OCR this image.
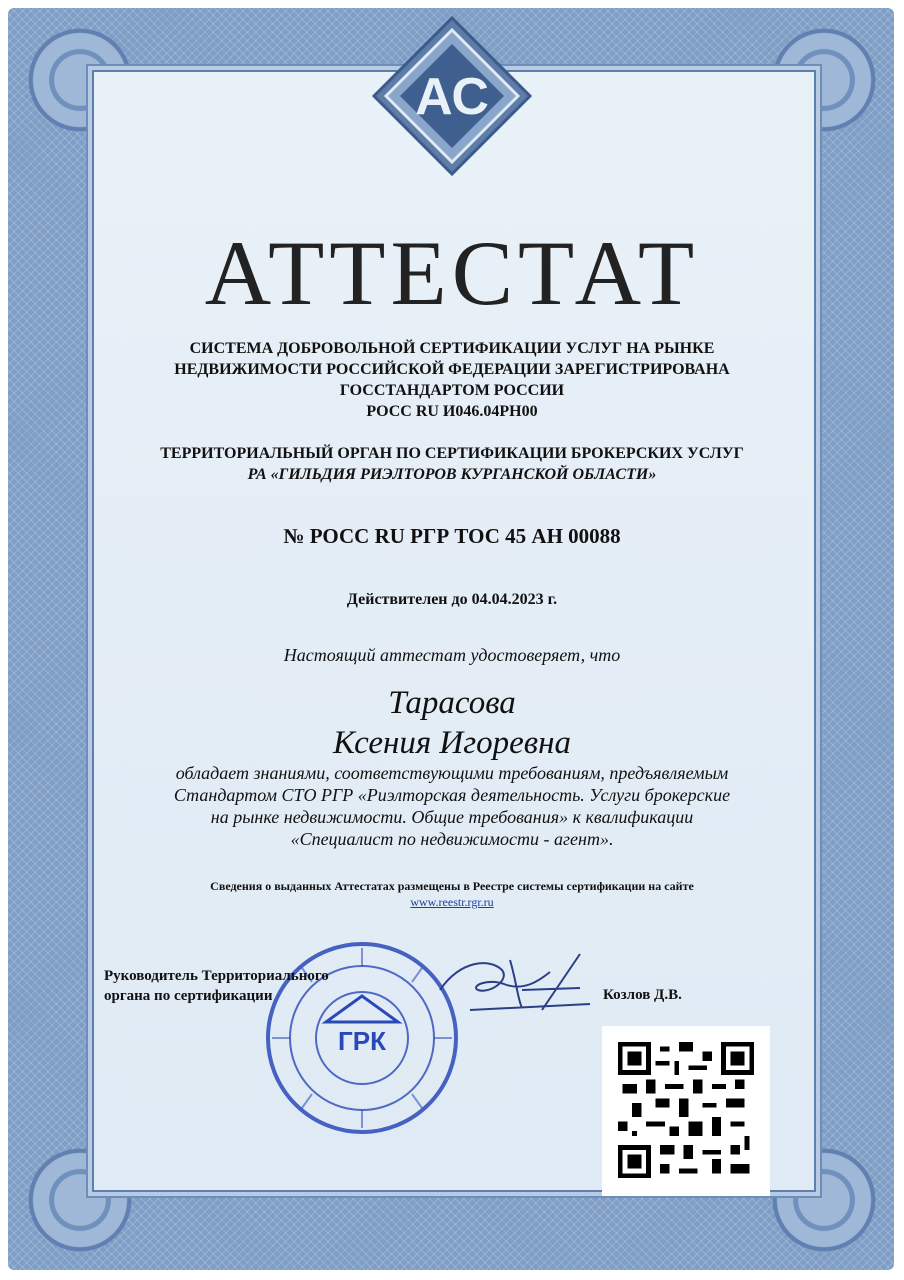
АС
АТТЕСТАТ
СИСТЕМА ДОБРОВОЛЬНОЙ СЕРТИФИКАЦИИ УСЛУГ НА РЫНКЕ
НЕДВИЖИМОСТИ РОССИЙСКОЙ ФЕДЕРАЦИИ ЗАРЕГИСТРИРОВАНА
ГОССТАНДАРТОМ РОССИИ
РОСС RU И046.04РН00
ТЕРРИТОРИАЛЬНЫЙ ОРГАН ПО СЕРТИФИКАЦИИ БРОКЕРСКИХ УСЛУГ
РА «ГИЛЬДИЯ РИЭЛТОРОВ КУРГАНСКОЙ ОБЛАСТИ»
№ РОСС RU РГР ТОС 45 АН 00088
Действителен до 04.04.2023 г.
Настоящий аттестат удостоверяет, что
Тарасова
Ксения Игоревна
обладает знаниями, соответствующими требованиям, предъявляемым
Стандартом СТО РГР «Риэлторская деятельность. Услуги брокерские
на рынке недвижимости. Общие требования» к квалификации
«Специалист по недвижимости - агент».
Сведения о выданных Аттестатах размещены в Реестре системы сертификации на сайте
www.reestr.rgr.ru
ГРК
Руководитель Территориального
органа по сертификации	Козлов Д.В.
